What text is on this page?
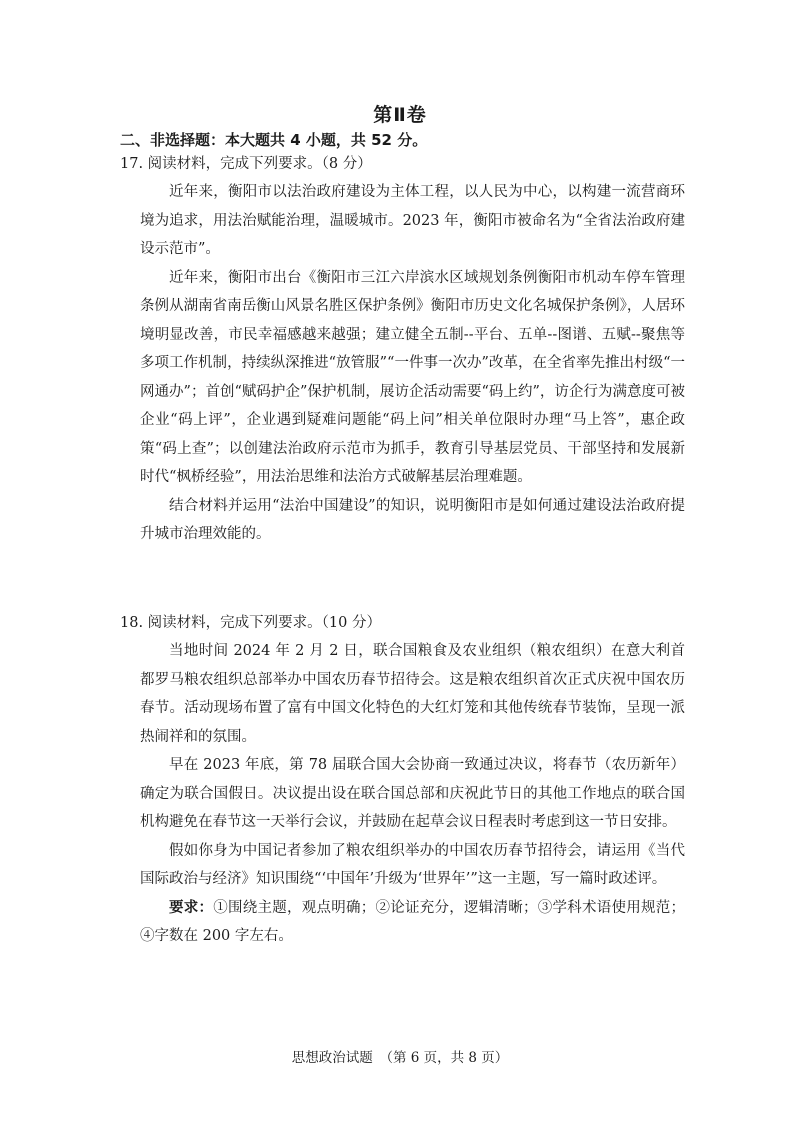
第Ⅱ卷
二、非选择题：本大题共 4 小题，共 52 分。
17. 阅读材料，完成下列要求。（8 分）

近年来，衡阳市以法治政府建设为主体工程，以人民为中心，以构建一流营商环境为追求，用法治赋能治理，温暖城市。2023 年，衡阳市被命名为“全省法治政府建设示范市”。

近年来，衡阳市出台《衡阳市三江六岸滨水区域规划条例衡阳市机动车停车管理条例从湖南省南岳衡山风景名胜区保护条例》衡阳市历史文化名城保护条例》，人居环境明显改善，市民幸福感越来越强；建立健全五制--平台、五单--图谱、五赋--聚焦等多项工作机制，持续纵深推进“放管服”“一件事一次办”改革，在全省率先推出村级“一网通办”；首创“赋码护企”保护机制，展访企活动需要“码上约”，访企行为满意度可被企业“码上评”，企业遇到疑难问题能“码上问”相关单位限时办理“马上答”，惠企政策“码上查”；以创建法治政府示范市为抓手，教育引导基层党员、干部坚持和发展新时代“枫桥经验”，用法治思维和法治方式破解基层治理难题。

结合材料并运用“法治中国建设”的知识，说明衡阳市是如何通过建设法治政府提升城市治理效能的。

18. 阅读材料，完成下列要求。（10 分）

当地时间 2024 年 2 月 2 日，联合国粮食及农业组织（粮农组织）在意大利首都罗马粮农组织总部举办中国农历春节招待会。这是粮农组织首次正式庆祝中国农历春节。活动现场布置了富有中国文化特色的大红灯笼和其他传统春节装饰，呈现一派热闹祥和的氛围。

早在 2023 年底，第 78 届联合国大会协商一致通过决议，将春节（农历新年）确定为联合国假日。决议提出设在联合国总部和庆祝此节日的其他工作地点的联合国机构避免在春节这一天举行会议，并鼓励在起草会议日程表时考虑到这一节日安排。

假如你身为中国记者参加了粮农组织举办的中国农历春节招待会，请运用《当代国际政治与经济》知识围绕“‘中国年’升级为‘世界年’”这一主题，写一篇时政述评。

要求：①围绕主题，观点明确；②论证充分，逻辑清晰；③学科术语使用规范；④字数在 200 字左右。

思想政治试题　（第 6 页，共 8 页）
